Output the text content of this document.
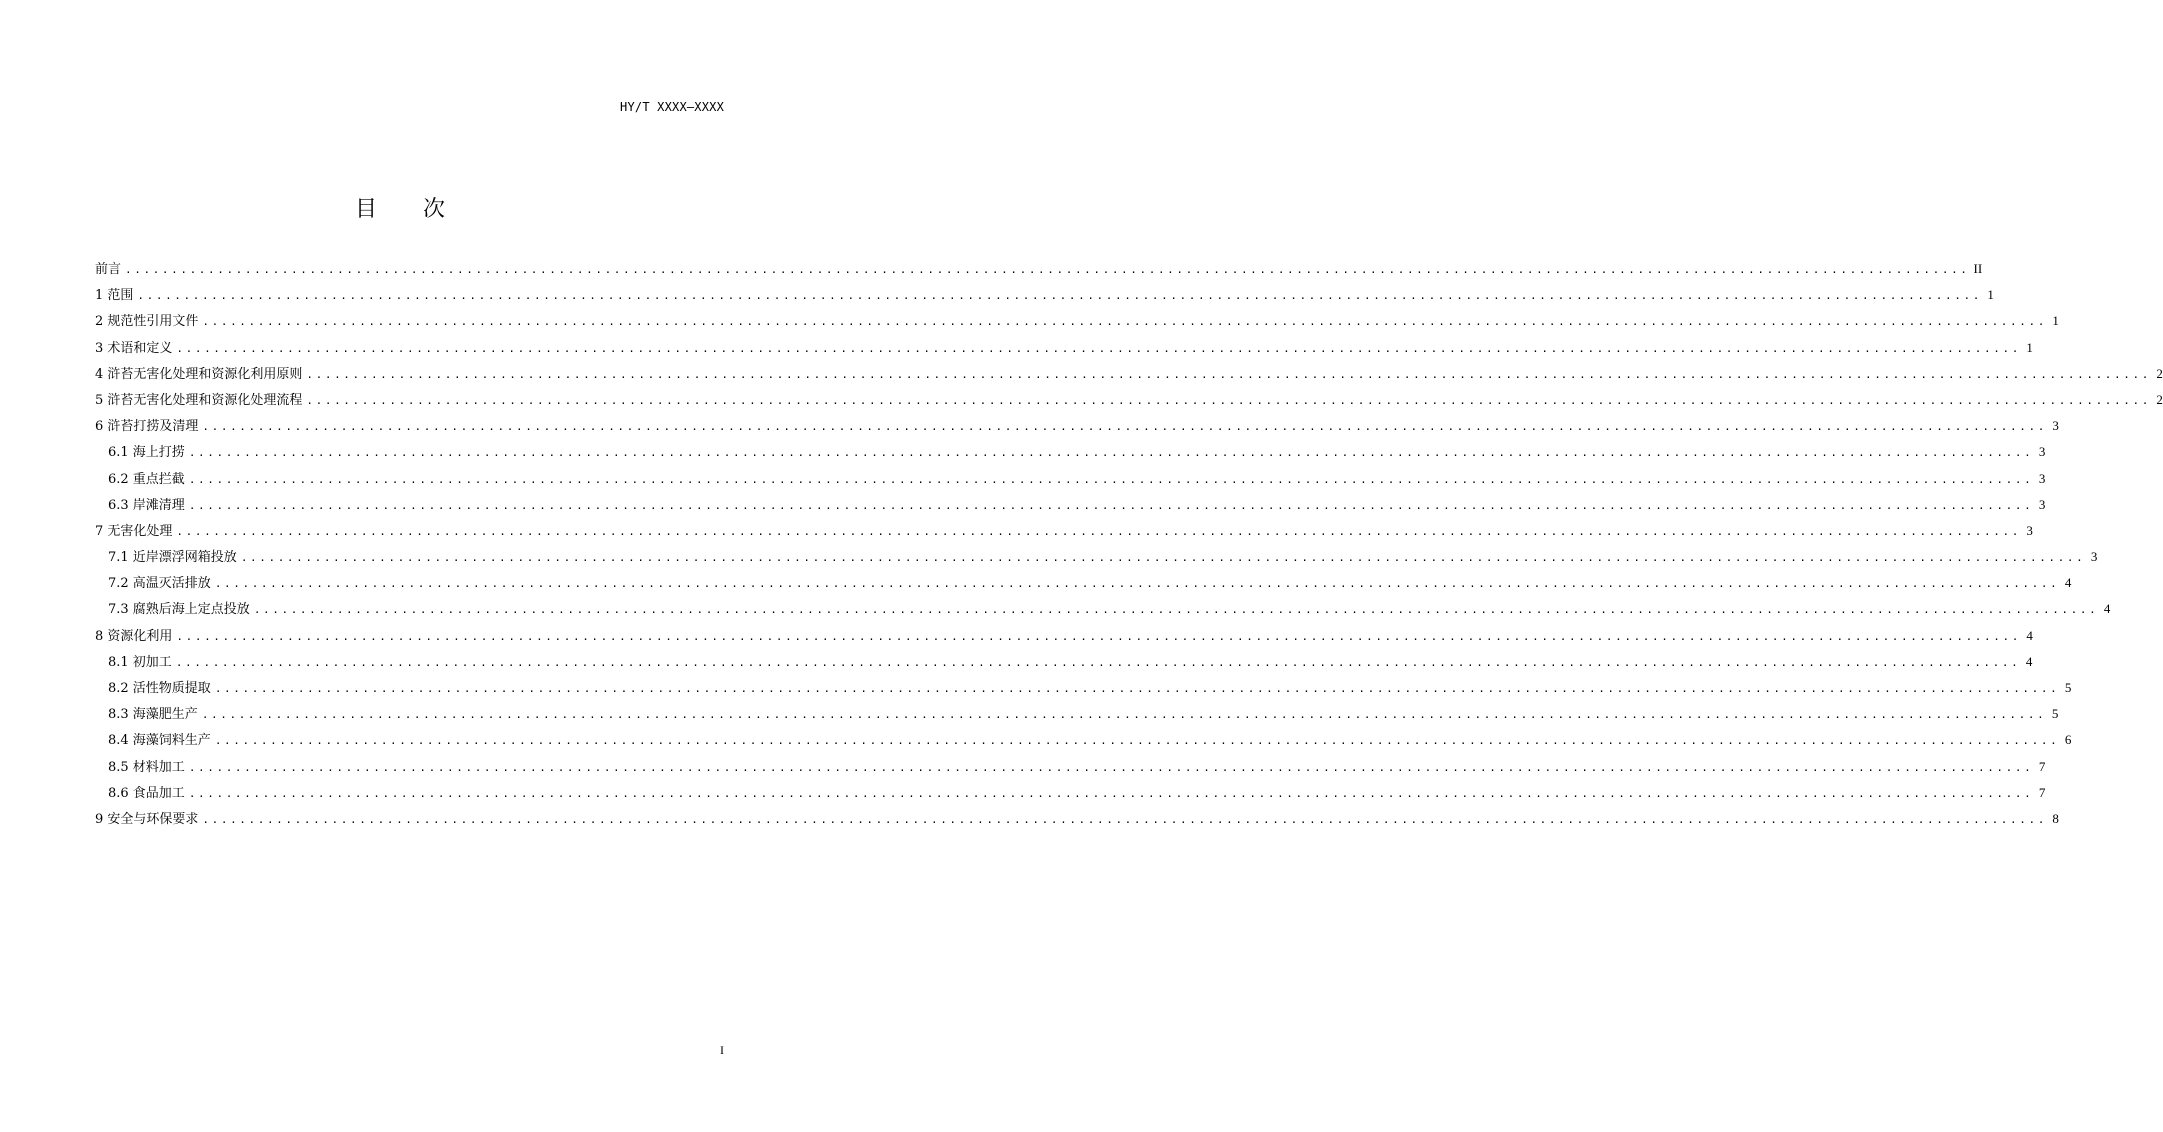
HY/T XXXX—XXXX
目次
前言 ........................................................................................................................................................................................................ II
1 范围 ........................................................................................................................................................................................................ 1
2 规范性引用文件 ........................................................................................................................................................................................................ 1
3 术语和定义 ........................................................................................................................................................................................................ 1
4 浒苔无害化处理和资源化利用原则 ........................................................................................................................................................................................................ 2
5 浒苔无害化处理和资源化处理流程 ........................................................................................................................................................................................................ 2
6 浒苔打捞及清理 ........................................................................................................................................................................................................ 3
6.1 海上打捞 ........................................................................................................................................................................................................ 3
6.2 重点拦截 ........................................................................................................................................................................................................ 3
6.3 岸滩清理 ........................................................................................................................................................................................................ 3
7 无害化处理 ........................................................................................................................................................................................................ 3
7.1 近岸漂浮网箱投放 ........................................................................................................................................................................................................ 3
7.2 高温灭活排放 ........................................................................................................................................................................................................ 4
7.3 腐熟后海上定点投放 ........................................................................................................................................................................................................ 4
8 资源化利用 ........................................................................................................................................................................................................ 4
8.1 初加工 ........................................................................................................................................................................................................ 4
8.2 活性物质提取 ........................................................................................................................................................................................................ 5
8.3 海藻肥生产 ........................................................................................................................................................................................................ 5
8.4 海藻饲料生产 ........................................................................................................................................................................................................ 6
8.5 材料加工 ........................................................................................................................................................................................................ 7
8.6 食品加工 ........................................................................................................................................................................................................ 7
9 安全与环保要求 ........................................................................................................................................................................................................ 8
I
